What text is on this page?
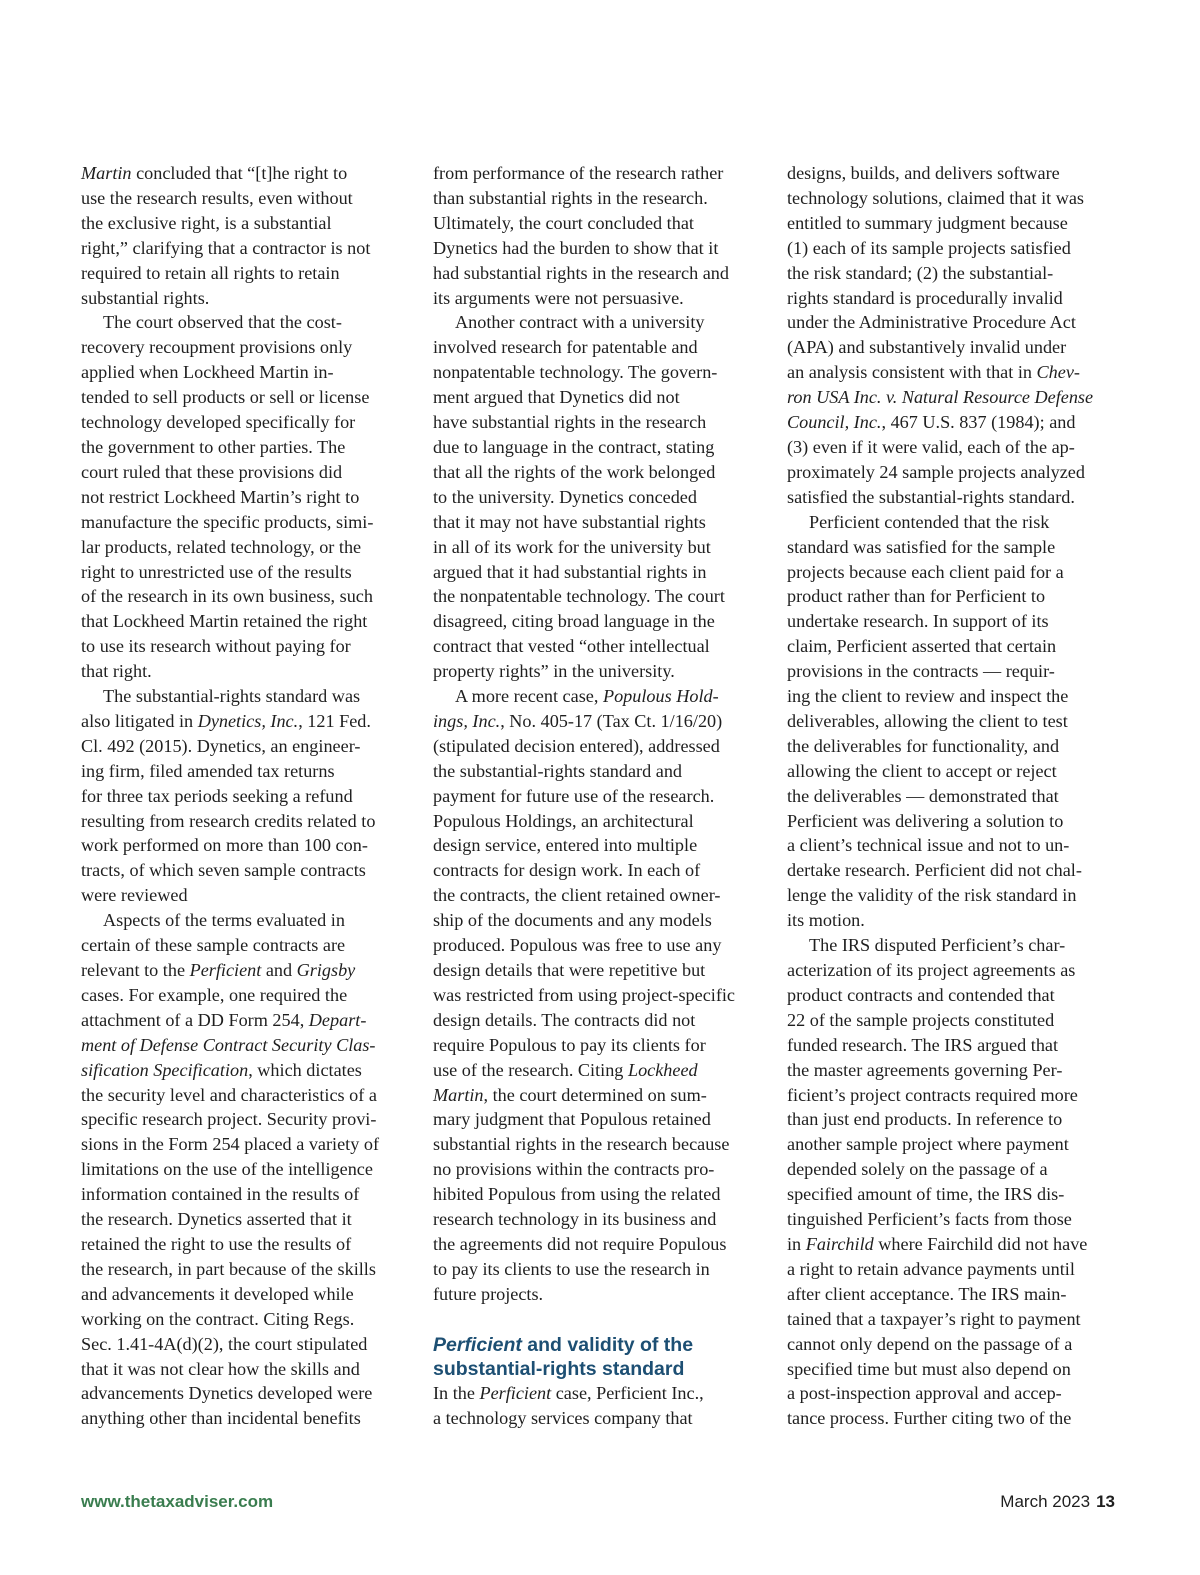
Martin concluded that “[t]he right to
use the research results, even without
the exclusive right, is a substantial
right,” clarifying that a contractor is not
required to retain all rights to retain
substantial rights.
The court observed that the cost-
recovery recoupment provisions only
applied when Lockheed Martin in-
tended to sell products or sell or license
technology developed specifically for
the government to other parties. The
court ruled that these provisions did
not restrict Lockheed Martin’s right to
manufacture the specific products, simi-
lar products, related technology, or the
right to unrestricted use of the results
of the research in its own business, such
that Lockheed Martin retained the right
to use its research without paying for
that right.
The substantial-rights standard was
also litigated in Dynetics, Inc., 121 Fed.
Cl. 492 (2015). Dynetics, an engineer-
ing firm, filed amended tax returns
for three tax periods seeking a refund
resulting from research credits related to
work performed on more than 100 con-
tracts, of which seven sample contracts
were reviewed
Aspects of the terms evaluated in
certain of these sample contracts are
relevant to the Perficient and Grigsby
cases. For example, one required the
attachment of a DD Form 254, Depart-
ment of Defense Contract Security Clas-
sification Specification, which dictates
the security level and characteristics of a
specific research project. Security provi-
sions in the Form 254 placed a variety of
limitations on the use of the intelligence
information contained in the results of
the research. Dynetics asserted that it
retained the right to use the results of
the research, in part because of the skills
and advancements it developed while
working on the contract. Citing Regs.
Sec. 1.41-4A(d)(2), the court stipulated
that it was not clear how the skills and
advancements Dynetics developed were
anything other than incidental benefits
from performance of the research rather
than substantial rights in the research.
Ultimately, the court concluded that
Dynetics had the burden to show that it
had substantial rights in the research and
its arguments were not persuasive.
Another contract with a university
involved research for patentable and
nonpatentable technology. The govern-
ment argued that Dynetics did not
have substantial rights in the research
due to language in the contract, stating
that all the rights of the work belonged
to the university. Dynetics conceded
that it may not have substantial rights
in all of its work for the university but
argued that it had substantial rights in
the nonpatentable technology. The court
disagreed, citing broad language in the
contract that vested “other intellectual
property rights” in the university.
A more recent case, Populous Hold-
ings, Inc., No. 405-17 (Tax Ct. 1/16/20)
(stipulated decision entered), addressed
the substantial-rights standard and
payment for future use of the research.
Populous Holdings, an architectural
design service, entered into multiple
contracts for design work. In each of
the contracts, the client retained owner-
ship of the documents and any models
produced. Populous was free to use any
design details that were repetitive but
was restricted from using project-specific
design details. The contracts did not
require Populous to pay its clients for
use of the research. Citing Lockheed
Martin, the court determined on sum-
mary judgment that Populous retained
substantial rights in the research because
no provisions within the contracts pro-
hibited Populous from using the related
research technology in its business and
the agreements did not require Populous
to pay its clients to use the research in
future projects.
Perficient and validity of the
substantial-rights standard
In the Perficient case, Perficient Inc.,
a technology services company that
designs, builds, and delivers software
technology solutions, claimed that it was
entitled to summary judgment because
(1) each of its sample projects satisfied
the risk standard; (2) the substantial-
rights standard is procedurally invalid
under the Administrative Procedure Act
(APA) and substantively invalid under
an analysis consistent with that in Chev-
ron USA Inc. v. Natural Resource Defense
Council, Inc., 467 U.S. 837 (1984); and
(3) even if it were valid, each of the ap-
proximately 24 sample projects analyzed
satisfied the substantial-rights standard.
Perficient contended that the risk
standard was satisfied for the sample
projects because each client paid for a
product rather than for Perficient to
undertake research. In support of its
claim, Perficient asserted that certain
provisions in the contracts — requir-
ing the client to review and inspect the
deliverables, allowing the client to test
the deliverables for functionality, and
allowing the client to accept or reject
the deliverables — demonstrated that
Perficient was delivering a solution to
a client’s technical issue and not to un-
dertake research. Perficient did not chal-
lenge the validity of the risk standard in
its motion.
The IRS disputed Perficient’s char-
acterization of its project agreements as
product contracts and contended that
22 of the sample projects constituted
funded research. The IRS argued that
the master agreements governing Per-
ficient’s project contracts required more
than just end products. In reference to
another sample project where payment
depended solely on the passage of a
specified amount of time, the IRS dis-
tinguished Perficient’s facts from those
in Fairchild where Fairchild did not have
a right to retain advance payments until
after client acceptance. The IRS main-
tained that a taxpayer’s right to payment
cannot only depend on the passage of a
specified time but must also depend on
a post-inspection approval and accep-
tance process. Further citing two of the
www.thetaxadviser.com	March 2023 13
